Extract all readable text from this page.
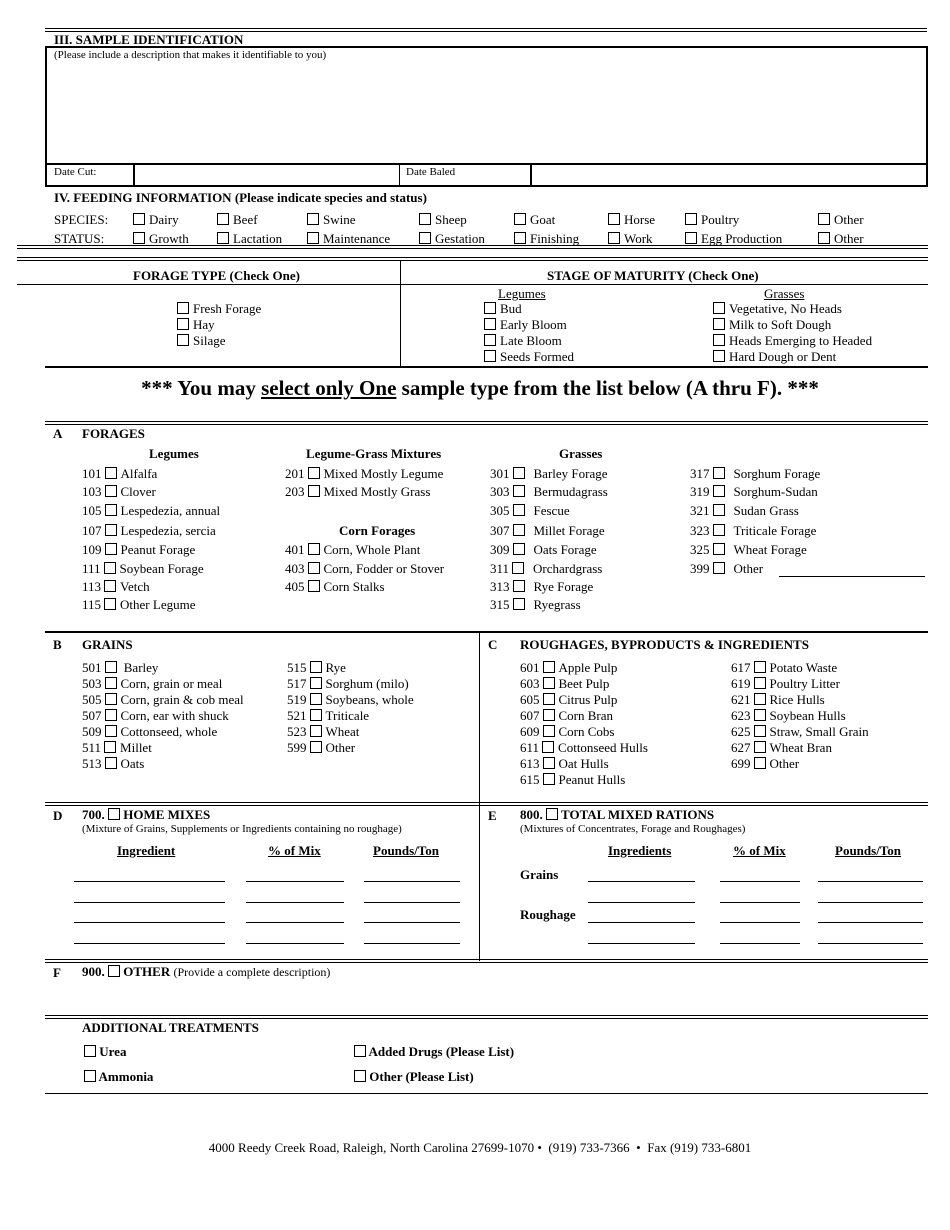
III. SAMPLE IDENTIFICATION
(Please include a description that makes it identifiable to you)
Date Cut:	Date Baled
IV. FEEDING INFORMATION (Please indicate species and status)
SPECIES:
STATUS:
Dairy	Beef	Swine	Sheep	Goat	Horse	Poultry	Other
Growth	Lactation	Maintenance	Gestation	Finishing	Work	Egg Production	Other
FORAGE TYPE (Check One)	STAGE OF MATURITY (Check One)
Legumes	Grasses
Fresh Forage
Hay
Silage
Bud
Early Bloom
Late Bloom
Seeds Formed
Vegetative, No Heads
Milk to Soft Dough
Heads Emerging to Headed
Hard Dough or Dent
*** You may select only One sample type from the list below (A thru F). ***
A FORAGES
Legumes	Legume-Grass Mixtures	Grasses
Corn Forages
101 Alfalfa
103 Clover
105 Lespedezia, annual
107 Lespedezia, sercia
109 Peanut Forage
111 Soybean Forage
113 Vetch
115 Other Legume
201 Mixed Mostly Legume
203 Mixed Mostly Grass
401 Corn, Whole Plant
403 Corn, Fodder or Stover
405 Corn Stalks
301 Barley Forage
303 Bermudagrass
305 Fescue
307 Millet Forage
309 Oats Forage
311 Orchardgrass
313 Rye Forage
315 Ryegrass
317 Sorghum Forage
319 Sorghum-Sudan
321 Sudan Grass
323 Triticale Forage
325 Wheat Forage
399 Other
B GRAINS	C ROUGHAGES, BYPRODUCTS & INGREDIENTS
501 Barley
503 Corn, grain or meal
505 Corn, grain & cob meal
507 Corn, ear with shuck
509 Cottonseed, whole
511 Millet
513 Oats
515 Rye
517 Sorghum (milo)
519 Soybeans, whole
521 Triticale
523 Wheat
599 Other
601 Apple Pulp
603 Beet Pulp
605 Citrus Pulp
607 Corn Bran
609 Corn Cobs
611 Cottonseed Hulls
613 Oat Hulls
615 Peanut Hulls
617 Potato Waste
619 Poultry Litter
621 Rice Hulls
623 Soybean Hulls
625 Straw, Small Grain
627 Wheat Bran
699 Other
D 700. HOME MIXES
(Mixture of Grains, Supplements or Ingredients containing no roughage)
Ingredient	% of Mix	Pounds/Ton
E 800. TOTAL MIXED RATIONS
(Mixtures of Concentrates, Forage and Roughages)
Ingredients	% of Mix	Pounds/Ton
Grains
Roughage
F 900. OTHER (Provide a complete description)
ADDITIONAL TREATMENTS
Urea
Ammonia
Added Drugs (Please List)
Other (Please List)
4000 Reedy Creek Road, Raleigh, North Carolina 27699-1070 • (919) 733-7366 • Fax (919) 733-6801
